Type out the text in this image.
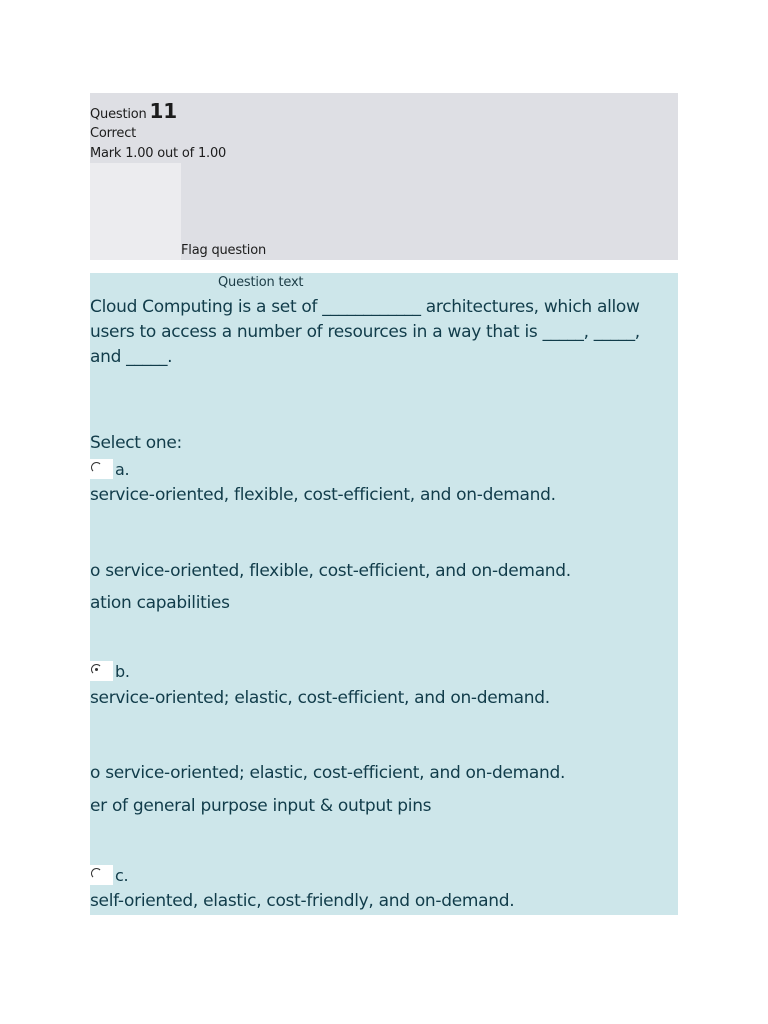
Question 11
Correct
Mark 1.00 out of 1.00
Flag question
Question text
Cloud Computing is a set of ____________ architectures, which allow users to access a number of resources in a way that is _____, _____, and _____.
Select one:
a.
service-oriented, flexible, cost-efficient, and on-demand.
o service-oriented, flexible, cost-efficient, and on-demand.
ation capabilities
b.
service-oriented; elastic, cost-efficient, and on-demand.
o service-oriented; elastic, cost-efficient, and on-demand.
er of general purpose input & output pins
c.
self-oriented, elastic, cost-friendly, and on-demand.
